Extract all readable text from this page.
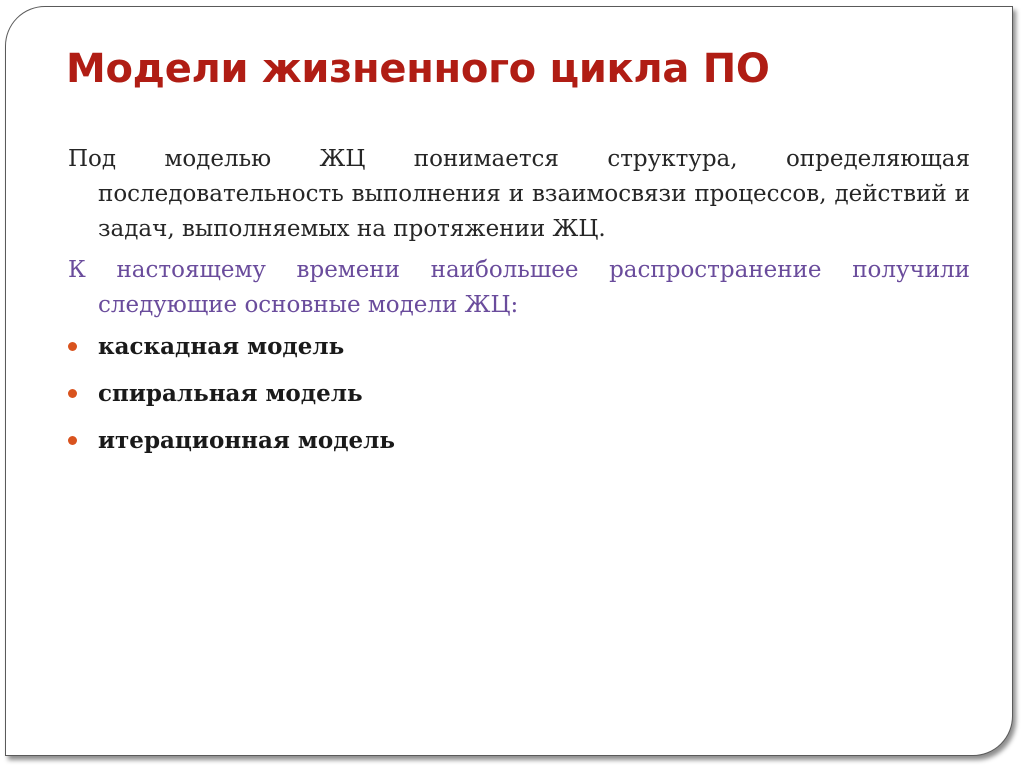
Модели жизненного цикла ПО

Под моделью ЖЦ понимается структура, определяющая последовательность выполнения и взаимосвязи процессов, действий и задач, выполняемых на протяжении ЖЦ.

К настоящему времени наибольшее распространение получили следующие основные модели ЖЦ:

каскадная модель
спиральная модель
итерационная модель
